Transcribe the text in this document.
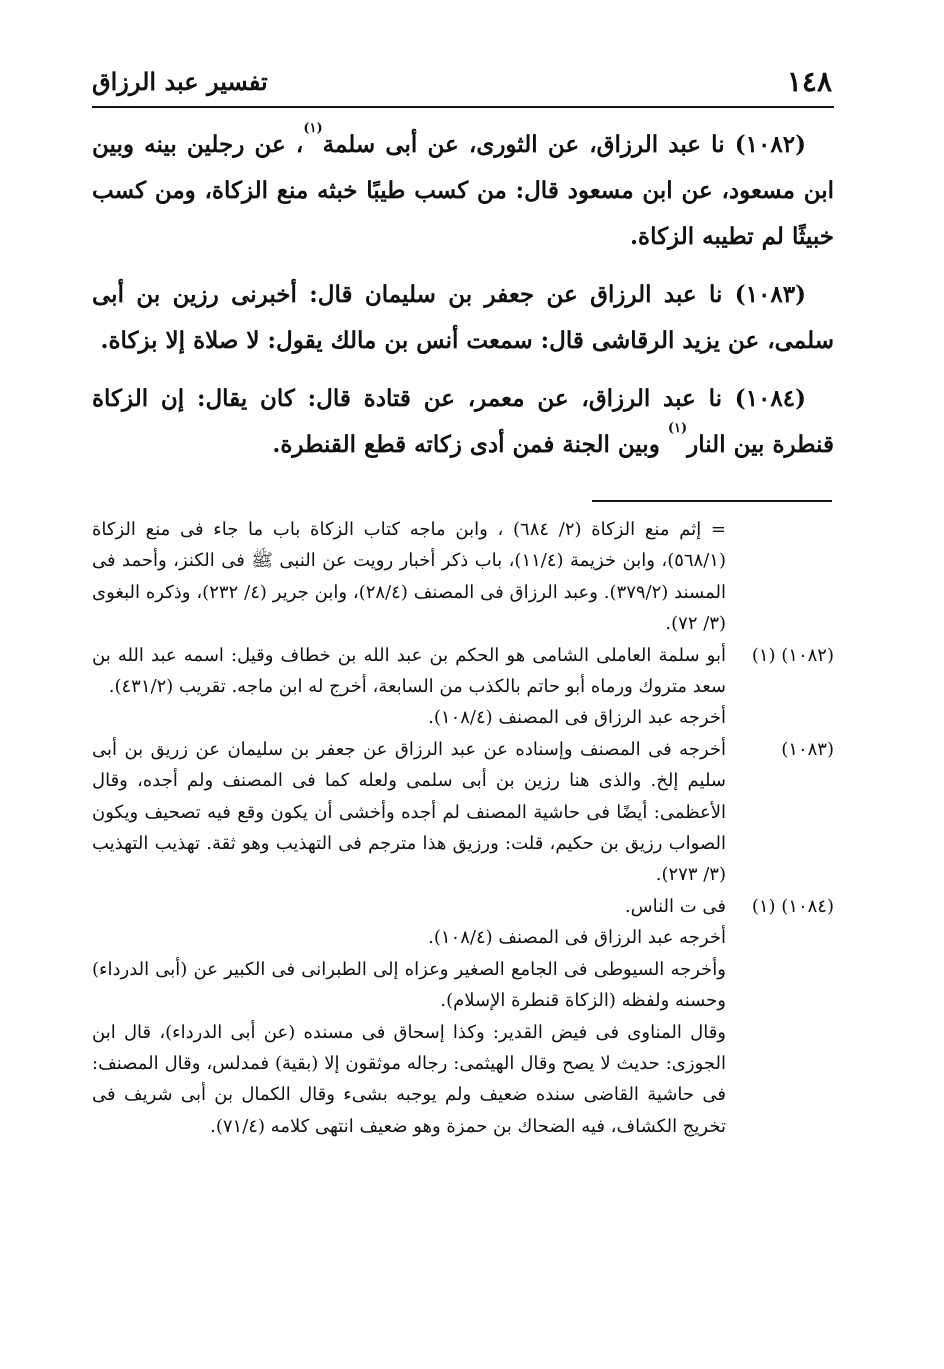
١٤٨
تفسير عبد الرزاق

(١٠٨٢) نا عبد الرزاق، عن الثورى، عن أبى سلمة$^{(١)}$، عن رجلين بينه وبين ابن مسعود، عن ابن مسعود قال: من كسب طيبًا خبثه منع الزكاة، ومن كسب خبيثًا لم تطيبه الزكاة.

(١٠٨٣) نا عبد الرزاق عن جعفر بن سليمان قال: أخبرنى رزين بن أبى سلمى، عن يزيد الرقاشى قال: سمعت أنس بن مالك يقول: لا صلاة إلا بزكاة.

(١٠٨٤) نا عبد الرزاق، عن معمر، عن قتادة قال: كان يقال: إن الزكاة قنطرة بين النار$^{(١)}$ وبين الجنة فمن أدى زكاته قطع القنطرة.

= إثم منع الزكاة (٢/ ٦٨٤) ، وابن ماجه كتاب الزكاة باب ما جاء فى منع الزكاة (٥٦٨/١)، وابن خزيمة (١١/٤)، باب ذكر أخبار رويت عن النبى ﷺ فى الكنز، وأحمد فى المسند (٣٧٩/٢). وعبد الرزاق فى المصنف (٢٨/٤)، وابن جرير (٤/ ٢٣٢)، وذكره البغوى (٣/ ٧٢).
(١٠٨٢) (١)
أبو سلمة العاملى الشامى هو الحكم بن عبد الله بن خطاف وقيل: اسمه عبد الله بن سعد متروك ورماه أبو حاتم بالكذب من السابعة، أخرج له ابن ماجه. تقريب (٤٣١/٢).
أخرجه عبد الرزاق فى المصنف (١٠٨/٤).
(١٠٨٣)
أخرجه فى المصنف وإسناده عن عبد الرزاق عن جعفر بن سليمان عن زريق بن أبى سليم إلخ. والذى هنا رزين بن أبى سلمى ولعله كما فى المصنف ولم أجده، وقال الأعظمى: أيضًا فى حاشية المصنف لم أجده وأخشى أن يكون وقع فيه تصحيف ويكون الصواب رزيق بن حكيم، قلت: ورزيق هذا مترجم فى التهذيب وهو ثقة. تهذيب التهذيب (٣/ ٢٧٣).
(١٠٨٤) (١)
فى ت الناس.
أخرجه عبد الرزاق فى المصنف (١٠٨/٤).
وأخرجه السيوطى فى الجامع الصغير وعزاه إلى الطبرانى فى الكبير عن (أبى الدرداء) وحسنه ولفظه (الزكاة قنطرة الإسلام).
وقال المناوى فى فيض القدير: وكذا إسحاق فى مسنده (عن أبى الدرداء)، قال ابن الجوزى: حديث لا يصح وقال الهيثمى: رجاله موثقون إلا (بقية) فمدلس، وقال المصنف: فى حاشية القاضى سنده ضعيف ولم يوجبه بشىء وقال الكمال بن أبى شريف فى تخريج الكشاف، فيه الضحاك بن حمزة وهو ضعيف انتهى كلامه (٧١/٤).
